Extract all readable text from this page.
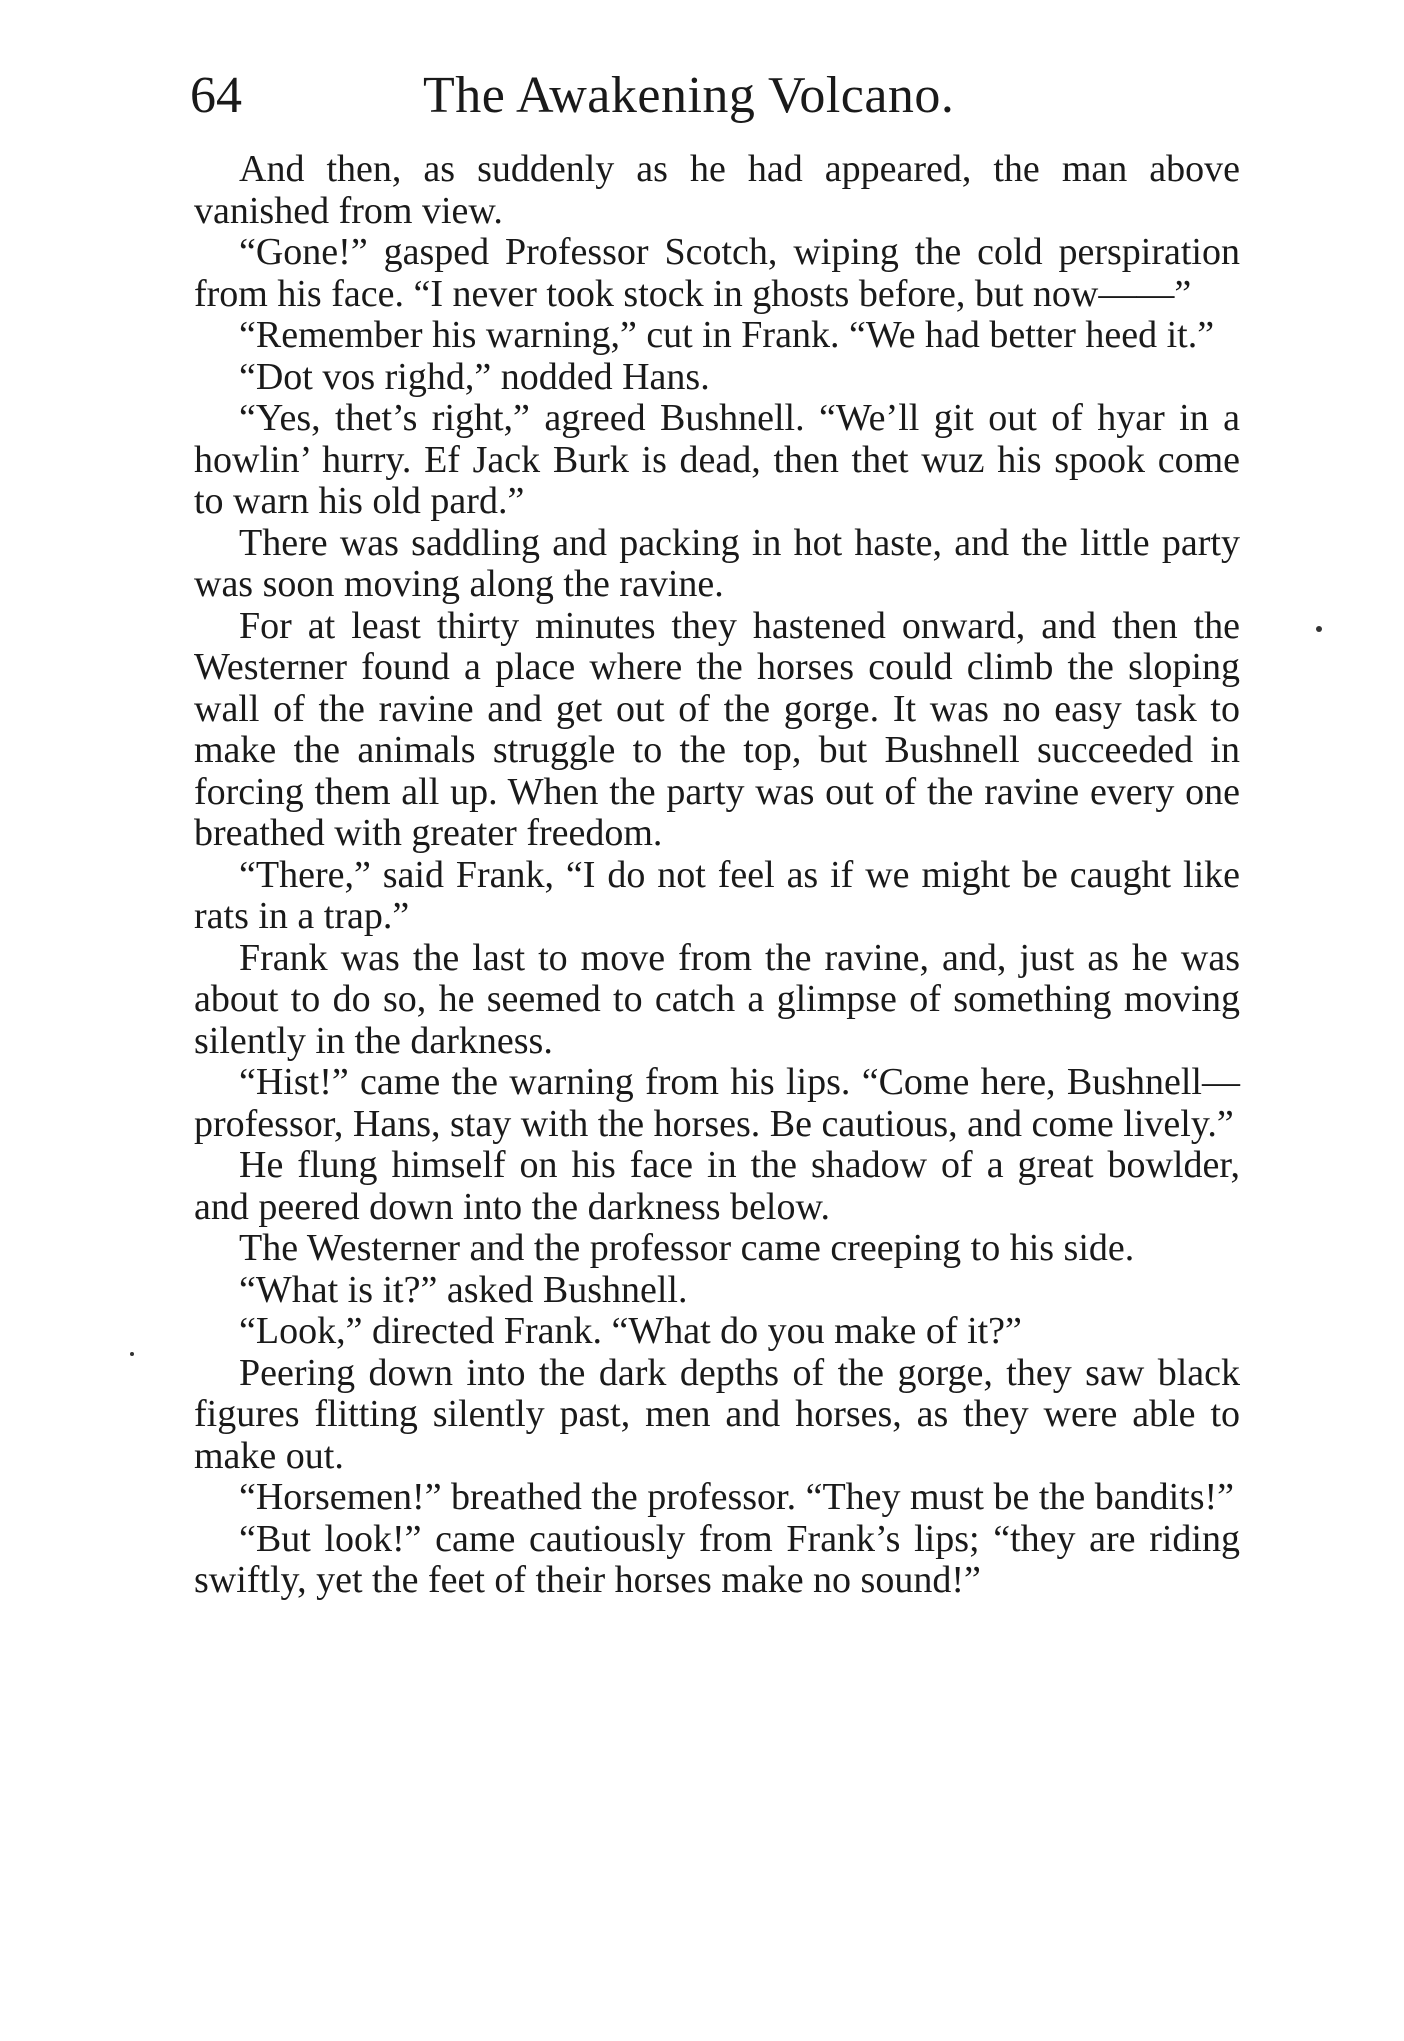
64	The Awakening Volcano.

And then, as suddenly as he had appeared, the man above vanished from view.

“Gone!” gasped Professor Scotch, wiping the cold perspiration from his face. “I never took stock in ghosts before, but now——”

“Remember his warning,” cut in Frank. “We had better heed it.”

“Dot vos righd,” nodded Hans.

“Yes, thet’s right,” agreed Bushnell. “We’ll git out of hyar in a howlin’ hurry. Ef Jack Burk is dead, then thet wuz his spook come to warn his old pard.”

There was saddling and packing in hot haste, and the little party was soon moving along the ravine.

For at least thirty minutes they hastened onward, and then the Westerner found a place where the horses could climb the sloping wall of the ravine and get out of the gorge. It was no easy task to make the animals struggle to the top, but Bushnell succeeded in forcing them all up. When the party was out of the ravine every one breathed with greater freedom.

“There,” said Frank, “I do not feel as if we might be caught like rats in a trap.”

Frank was the last to move from the ravine, and, just as he was about to do so, he seemed to catch a glimpse of something moving silently in the darkness.

“Hist!” came the warning from his lips. “Come here, Bushnell—professor, Hans, stay with the horses. Be cautious, and come lively.”

He flung himself on his face in the shadow of a great bowlder, and peered down into the darkness below.

The Westerner and the professor came creeping to his side.

“What is it?” asked Bushnell.

“Look,” directed Frank. “What do you make of it?”

Peering down into the dark depths of the gorge, they saw black figures flitting silently past, men and horses, as they were able to make out.

“Horsemen!” breathed the professor. “They must be the bandits!”

“But look!” came cautiously from Frank’s lips; “they are riding swiftly, yet the feet of their horses make no sound!”
